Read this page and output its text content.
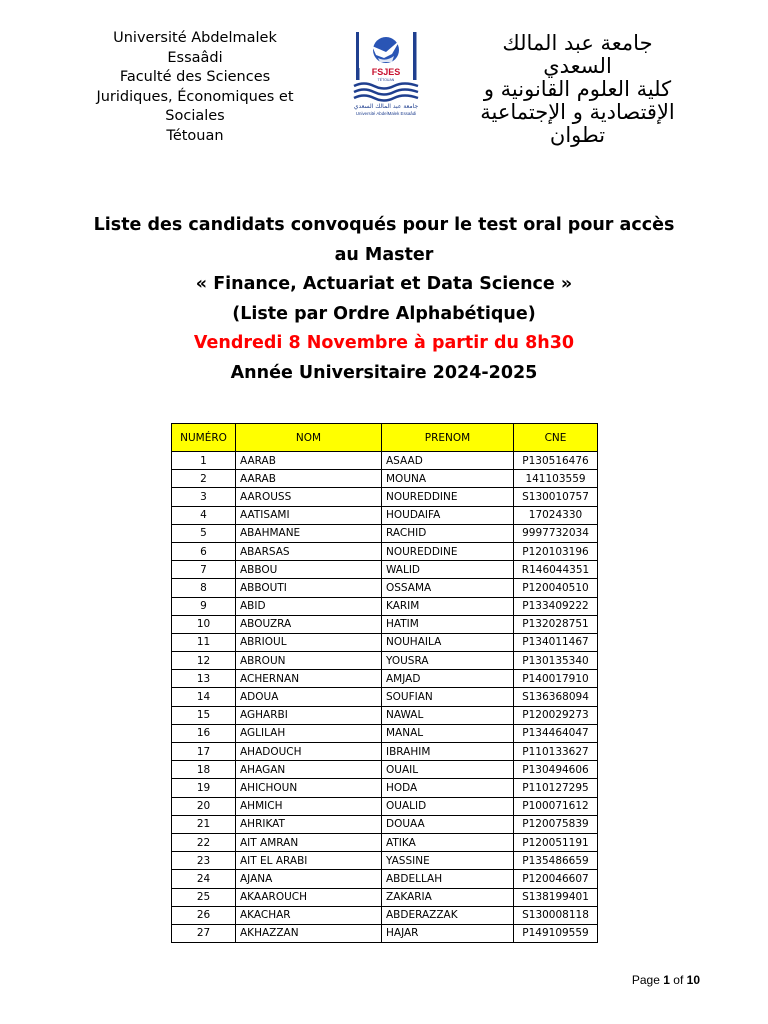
Université Abdelmalek
Essaâdi
Faculté des Sciences
Juridiques, Économiques et
Sociales
Tétouan
FSJES
TÉTOUAN
جامعة عبد المالك السعدي
Université AbdelMalek Essaâdi
جامعة عبد المالك
السعدي
كلية العلوم القانونية و
الإقتصادية و الإجتماعية
تطوان
Liste des candidats convoqués pour le test oral pour accès
au Master
« Finance, Actuariat et Data Science »
(Liste par Ordre Alphabétique)
Vendredi 8 Novembre à partir du 8h30
Année Universitaire 2024-2025
NUMÉRO	NOM	PRENOM	CNE
1	AARAB	ASAAD	P130516476
2	AARAB	MOUNA	141103559
3	AAROUSS	NOUREDDINE	S130010757
4	AATISAMI	HOUDAIFA	17024330
5	ABAHMANE	RACHID	9997732034
6	ABARSAS	NOUREDDINE	P120103196
7	ABBOU	WALID	R146044351
8	ABBOUTI	OSSAMA	P120040510
9	ABID	KARIM	P133409222
10	ABOUZRA	HATIM	P132028751
11	ABRIOUL	NOUHAILA	P134011467
12	ABROUN	YOUSRA	P130135340
13	ACHERNAN	AMJAD	P140017910
14	ADOUA	SOUFIAN	S136368094
15	AGHARBI	NAWAL	P120029273
16	AGLILAH	MANAL	P134464047
17	AHADOUCH	IBRAHIM	P110133627
18	AHAGAN	OUAIL	P130494606
19	AHICHOUN	HODA	P110127295
20	AHMICH	OUALID	P100071612
21	AHRIKAT	DOUAA	P120075839
22	AIT AMRAN	ATIKA	P120051191
23	AIT EL ARABI	YASSINE	P135486659
24	AJANA	ABDELLAH	P120046607
25	AKAAROUCH	ZAKARIA	S138199401
26	AKACHAR	ABDERAZZAK	S130008118
27	AKHAZZAN	HAJAR	P149109559
Page 1 of 10
